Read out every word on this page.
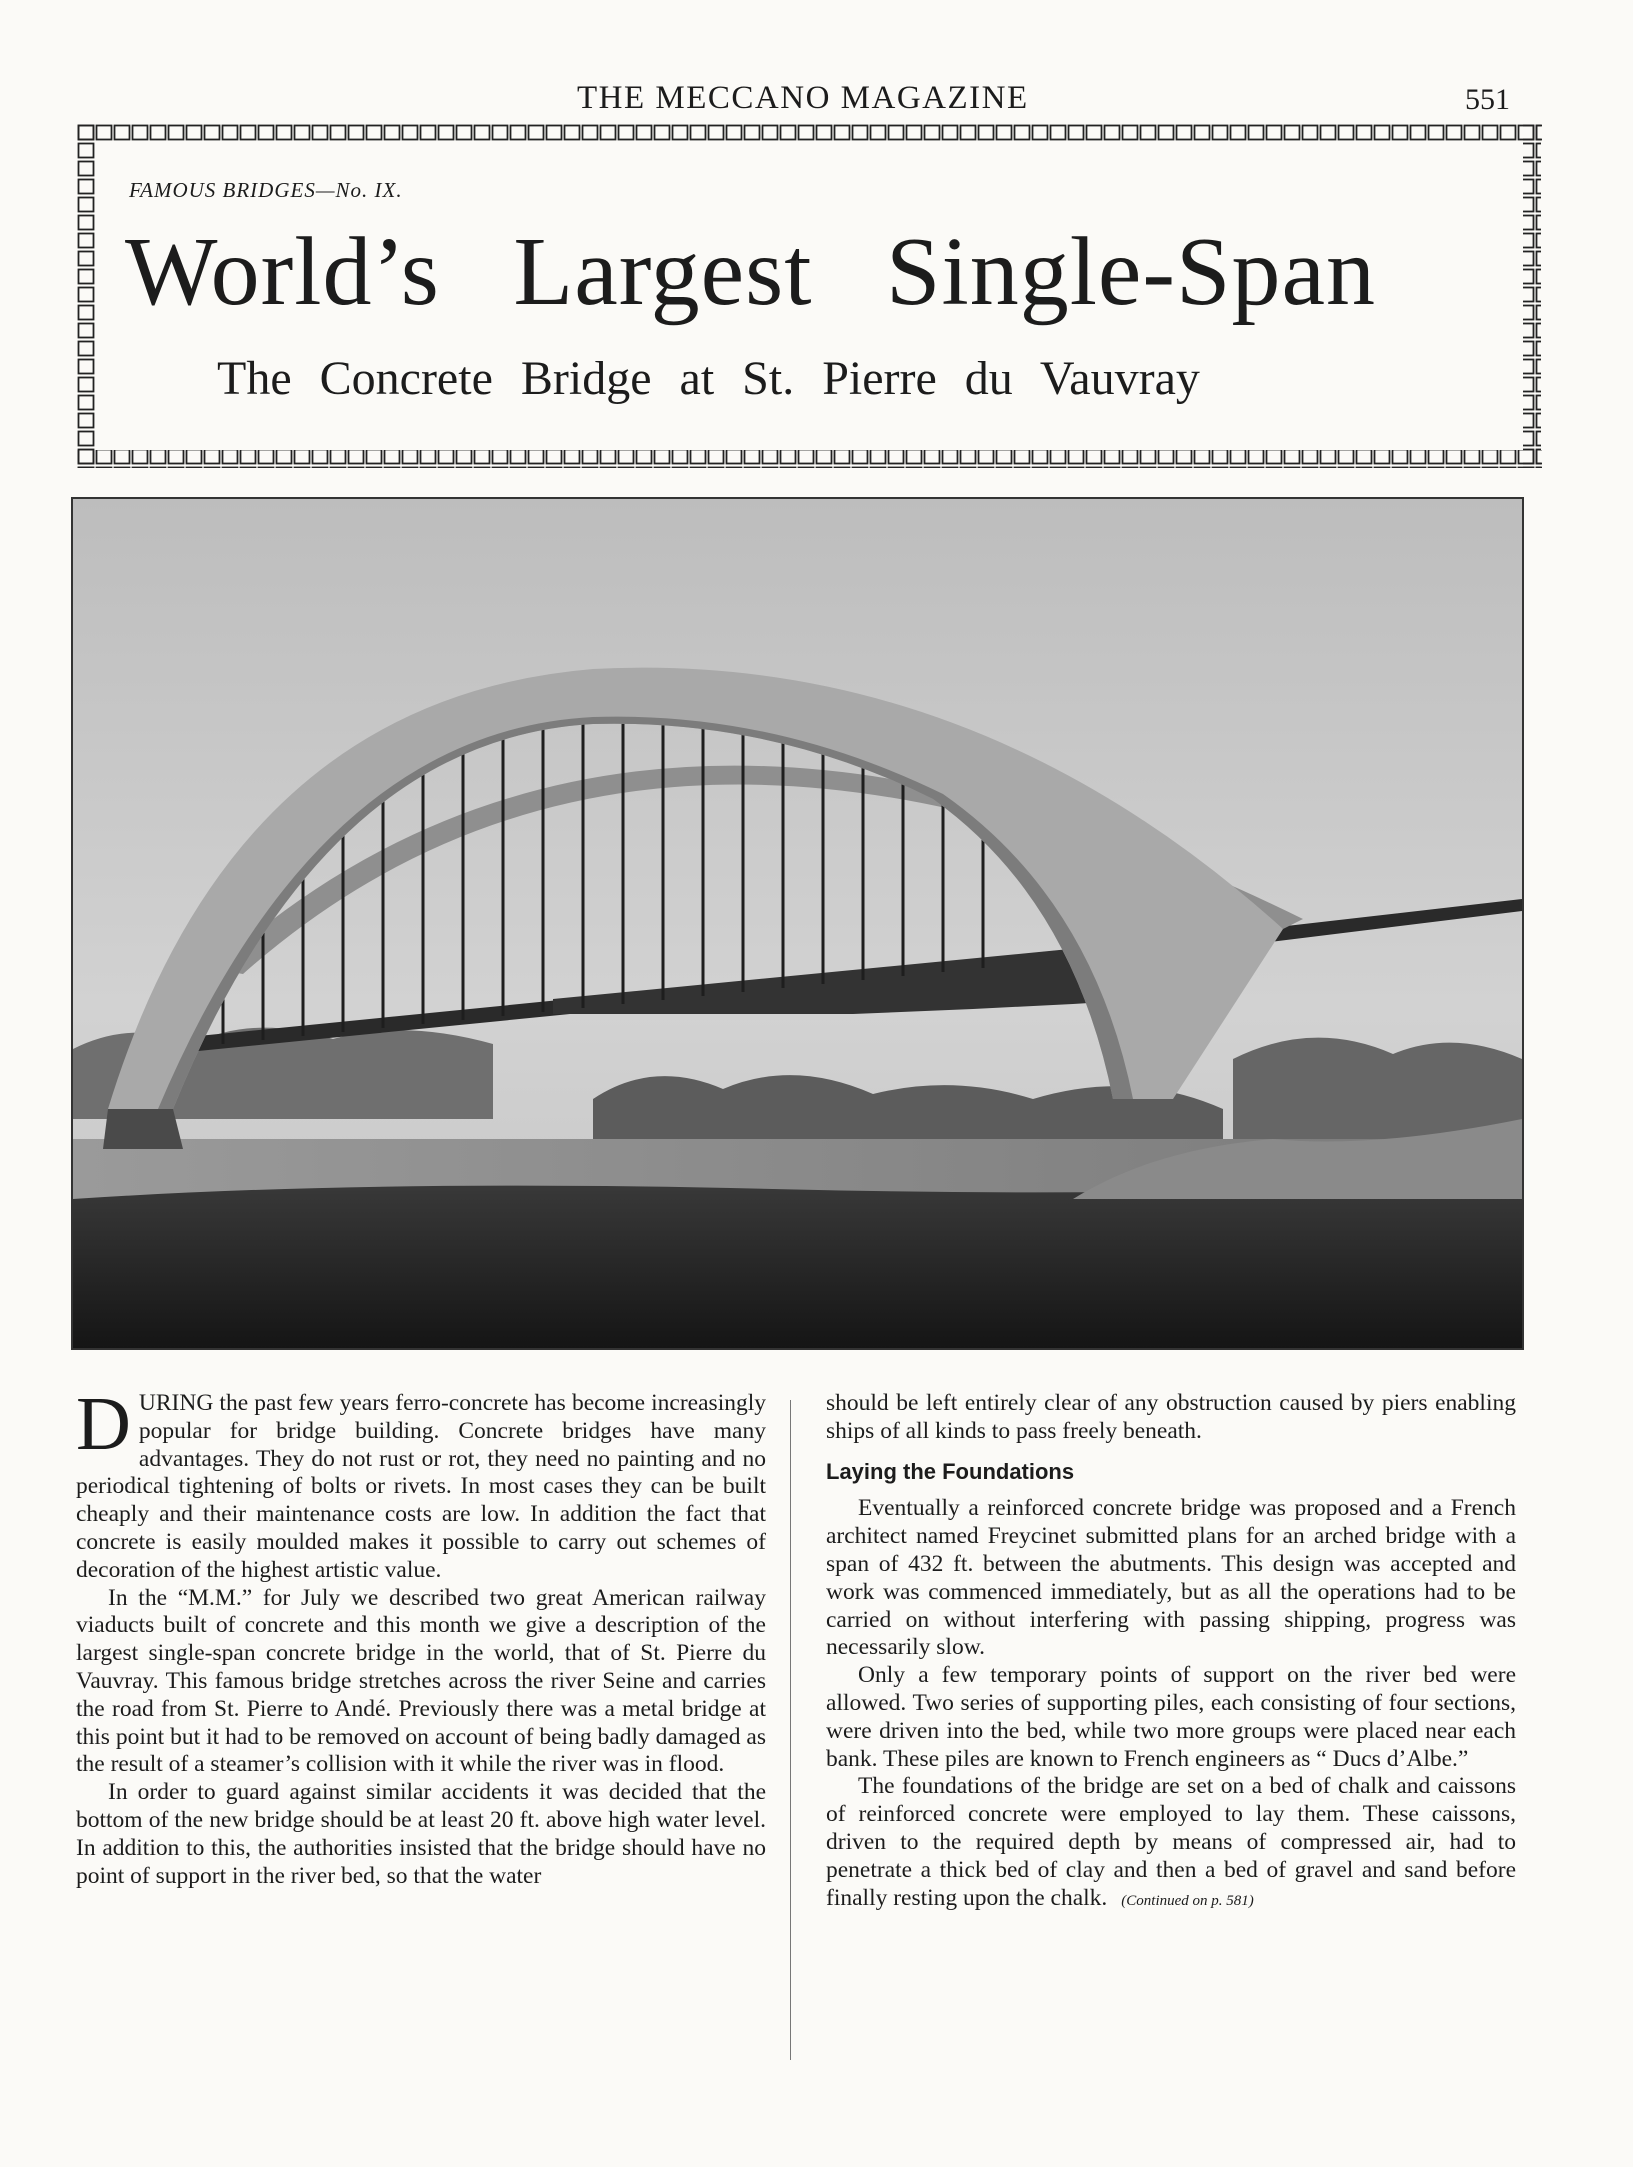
THE MECCANO MAGAZINE	551
FAMOUS BRIDGES—No. IX.
World’s Largest Single-Span
The Concrete Bridge at St. Pierre du Vauvray

DURING the past few years ferro-concrete has become increasingly popular for bridge building. Concrete bridges have many advantages. They do not rust or rot, they need no painting and no periodical tightening of bolts or rivets. In most cases they can be built cheaply and their maintenance costs are low. In addition the fact that concrete is easily moulded makes it possible to carry out schemes of decoration of the highest artistic value.

In the “M.M.” for July we described two great American railway viaducts built of concrete and this month we give a description of the largest single-span concrete bridge in the world, that of St. Pierre du Vauvray. This famous bridge stretches across the river Seine and carries the road from St. Pierre to Andé. Previously there was a metal bridge at this point but it had to be removed on account of being badly damaged as the result of a steamer’s collision with it while the river was in flood.

In order to guard against similar accidents it was decided that the bottom of the new bridge should be at least 20 ft. above high water level. In addition to this, the authorities insisted that the bridge should have no point of support in the river bed, so that the water

should be left entirely clear of any obstruction caused by piers enabling ships of all kinds to pass freely beneath.

Laying the Foundations

Eventually a reinforced concrete bridge was proposed and a French architect named Freycinet submitted plans for an arched bridge with a span of 432 ft. between the abutments. This design was accepted and work was commenced immediately, but as all the operations had to be carried on without interfering with passing shipping, progress was necessarily slow.

Only a few temporary points of support on the river bed were allowed. Two series of supporting piles, each consisting of four sections, were driven into the bed, while two more groups were placed near each bank. These piles are known to French engineers as “ Ducs d’Albe.”

The foundations of the bridge are set on a bed of chalk and caissons of reinforced concrete were employed to lay them. These caissons, driven to the required depth by means of compressed air, had to penetrate a thick bed of clay and then a bed of gravel and sand before finally resting upon the chalk. (Continued on p. 581)
